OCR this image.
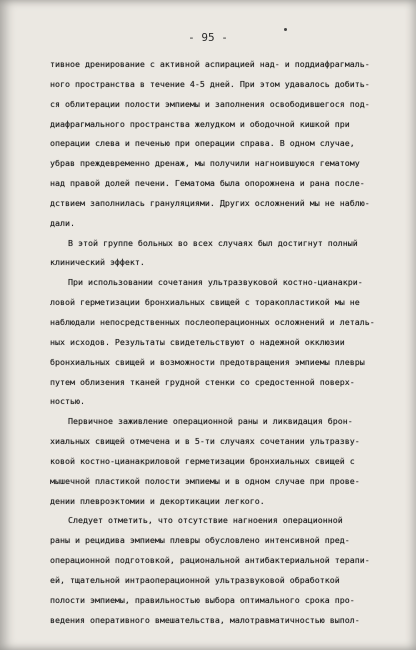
- 95 -
тивное дренирование с активной аспирацией над- и поддиафрагмаль-
ного пространства в течение 4-5 дней. При этом удавалось добить-
ся облитерации полости эмпиемы и заполнения освободившегося под-
диафрагмального пространства желудком и ободочной кишкой при
операции слева и печенью при операции справа. В одном случае,
убрав преждевременно дренаж, мы получили нагноившуюся гематому
над правой долей печени. Гематома была опорожнена и рана после-
дствием заполнилась грануляциями. Других осложнений мы не наблю-
дали.
В этой группе больных во всех случаях был достигнут полный
клинический эффект.
При использовании сочетания ультразвуковой костно-цианакри-
ловой герметизации бронхиальных свищей с торакопластикой мы не
наблюдали непосредственных послеоперационных осложнений и леталь-
ных исходов. Результаты свидетельствуют о надежной окклюзии
бронхиальных свищей и возможности предотвращения эмпиемы плевры
путем облизения тканей грудной стенки со средостенной поверх-
ностью.
Первичное заживление операционной раны и ликвидация брон-
хиальных свищей отмечена и в 5-ти случаях сочетании ультразву-
ковой костно-цианакриловой герметизации бронхиальных свищей с
мышечной пластикой полости эмпиемы и в одном случае при прове-
дении плевроэктомии и декортикации легкого.
Следует отметить, что отсутствие нагноения операционной
раны и рецидива эмпиемы плевры обусловлено интенсивной пред-
операционной подготовкой, рациональной антибактериальной терапи-
ей, тщательной интраоперационной ультразвуковой обработкой
полости эмпиемы, правильностью выбора оптимального срока про-
ведения оперативного вмешательства, малотравматичностью выпол-
